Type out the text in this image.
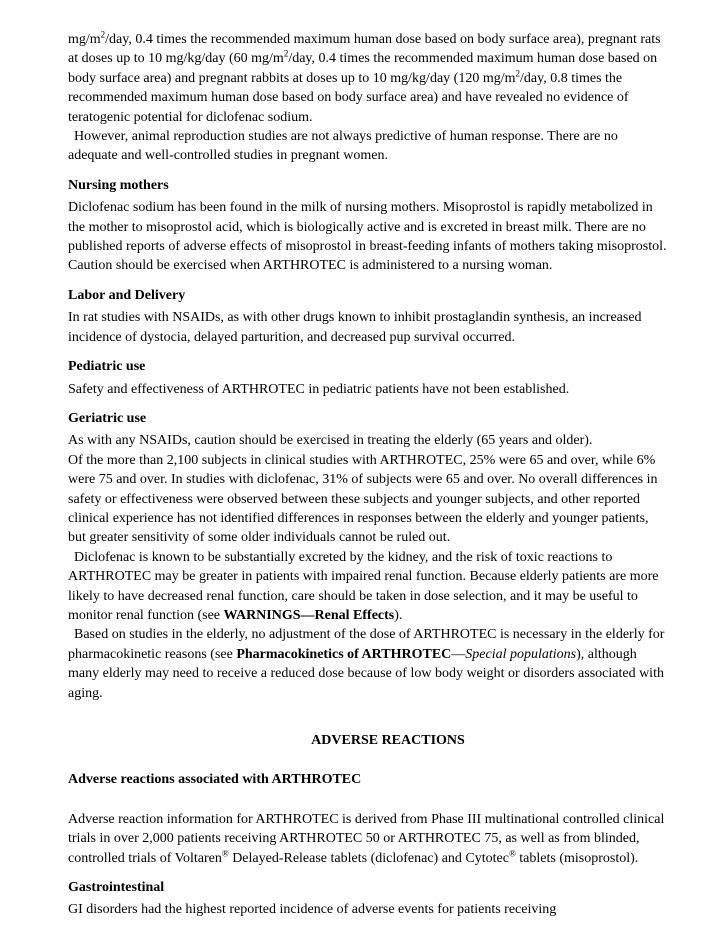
$mg/m^2$/day, 0.4 times the recommended maximum human dose based on body surface area), pregnant rats at doses up to 10 mg/kg/day (60 $mg/m^2$/day, 0.4 times the recommended maximum human dose based on body surface area) and pregnant rabbits at doses up to 10 mg/kg/day (120 $mg/m^2$/day, 0.8 times the recommended maximum human dose based on body surface area) and have revealed no evidence of teratogenic potential for diclofenac sodium.

However, animal reproduction studies are not always predictive of human response. There are no adequate and well-controlled studies in pregnant women.

Nursing mothers

Diclofenac sodium has been found in the milk of nursing mothers. Misoprostol is rapidly metabolized in the mother to misoprostol acid, which is biologically active and is excreted in breast milk. There are no published reports of adverse effects of misoprostol in breast-feeding infants of mothers taking misoprostol. Caution should be exercised when ARTHROTEC is administered to a nursing woman.

Labor and Delivery

In rat studies with NSAIDs, as with other drugs known to inhibit prostaglandin synthesis, an increased incidence of dystocia, delayed parturition, and decreased pup survival occurred.

Pediatric use

Safety and effectiveness of ARTHROTEC in pediatric patients have not been established.

Geriatric use

As with any NSAIDs, caution should be exercised in treating the elderly (65 years and older).

Of the more than 2,100 subjects in clinical studies with ARTHROTEC, 25% were 65 and over, while 6% were 75 and over. In studies with diclofenac, 31% of subjects were 65 and over. No overall differences in safety or effectiveness were observed between these subjects and younger subjects, and other reported clinical experience has not identified differences in responses between the elderly and younger patients, but greater sensitivity of some older individuals cannot be ruled out.

Diclofenac is known to be substantially excreted by the kidney, and the risk of toxic reactions to ARTHROTEC may be greater in patients with impaired renal function. Because elderly patients are more likely to have decreased renal function, care should be taken in dose selection, and it may be useful to monitor renal function (see WARNINGS—Renal Effects).

Based on studies in the elderly, no adjustment of the dose of ARTHROTEC is necessary in the elderly for pharmacokinetic reasons (see Pharmacokinetics of ARTHROTEC—Special populations), although many elderly may need to receive a reduced dose because of low body weight or disorders associated with aging.

ADVERSE REACTIONS

Adverse reactions associated with ARTHROTEC

Adverse reaction information for ARTHROTEC is derived from Phase III multinational controlled clinical trials in over 2,000 patients receiving ARTHROTEC 50 or ARTHROTEC 75, as well as from blinded, controlled trials of Voltaren® Delayed-Release tablets (diclofenac) and Cytotec® tablets (misoprostol).

Gastrointestinal

GI disorders had the highest reported incidence of adverse events for patients receiving
